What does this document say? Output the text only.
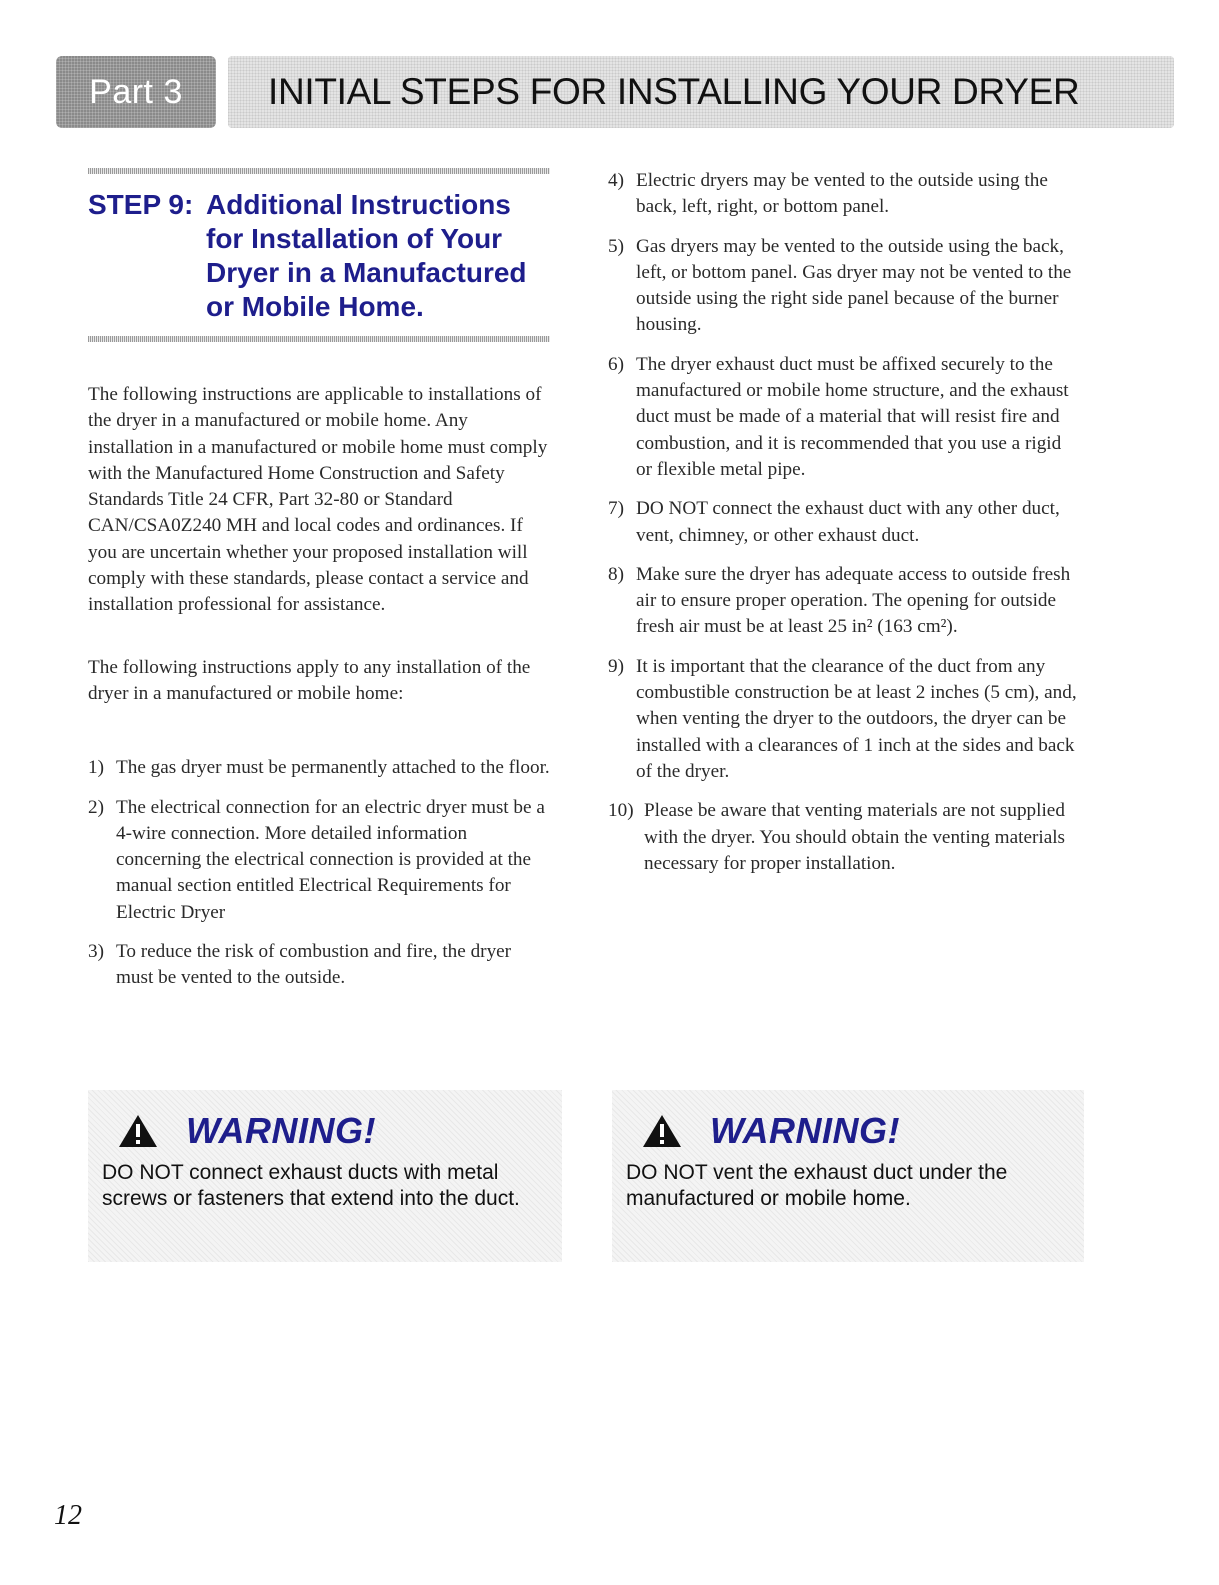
Part 3 INITIAL STEPS FOR INSTALLING YOUR DRYER
STEP 9: Additional Instructions for Installation of Your Dryer in a Manufactured or Mobile Home.

The following instructions are applicable to installations of the dryer in a manufactured or mobile home. Any installation in a manufactured or mobile home must comply with the Manufactured Home Construction and Safety Standards Title 24 CFR, Part 32-80 or Standard CAN/CSA0Z240 MH and local codes and ordinances. If you are uncertain whether your proposed installation will comply with these standards, please contact a service and installation professional for assistance.

The following instructions apply to any installation of the dryer in a manufactured or mobile home:

1) The gas dryer must be permanently attached to the floor.
2) The electrical connection for an electric dryer must be a 4-wire connection. More detailed information concerning the electrical connection is provided at the manual section entitled Electrical Requirements for Electric Dryer
3) To reduce the risk of combustion and fire, the dryer must be vented to the outside.
4) Electric dryers may be vented to the outside using the back, left, right, or bottom panel.
5) Gas dryers may be vented to the outside using the back, left, or bottom panel. Gas dryer may not be vented to the outside using the right side panel because of the burner housing.
6) The dryer exhaust duct must be affixed securely to the manufactured or mobile home structure, and the exhaust duct must be made of a material that will resist fire and combustion, and it is recommended that you use a rigid or flexible metal pipe.
7) DO NOT connect the exhaust duct with any other duct, vent, chimney, or other exhaust duct.
8) Make sure the dryer has adequate access to outside fresh air to ensure proper operation. The opening for outside fresh air must be at least 25 in² (163 cm²).
9) It is important that the clearance of the duct from any combustible construction be at least 2 inches (5 cm), and, when venting the dryer to the outdoors, the dryer can be installed with a clearances of 1 inch at the sides and back of the dryer.
10) Please be aware that venting materials are not supplied with the dryer. You should obtain the venting materials necessary for proper installation.
WARNING!
DO NOT connect exhaust ducts with metal screws or fasteners that extend into the duct.
WARNING!
DO NOT vent the exhaust duct under the manufactured or mobile home.
12
